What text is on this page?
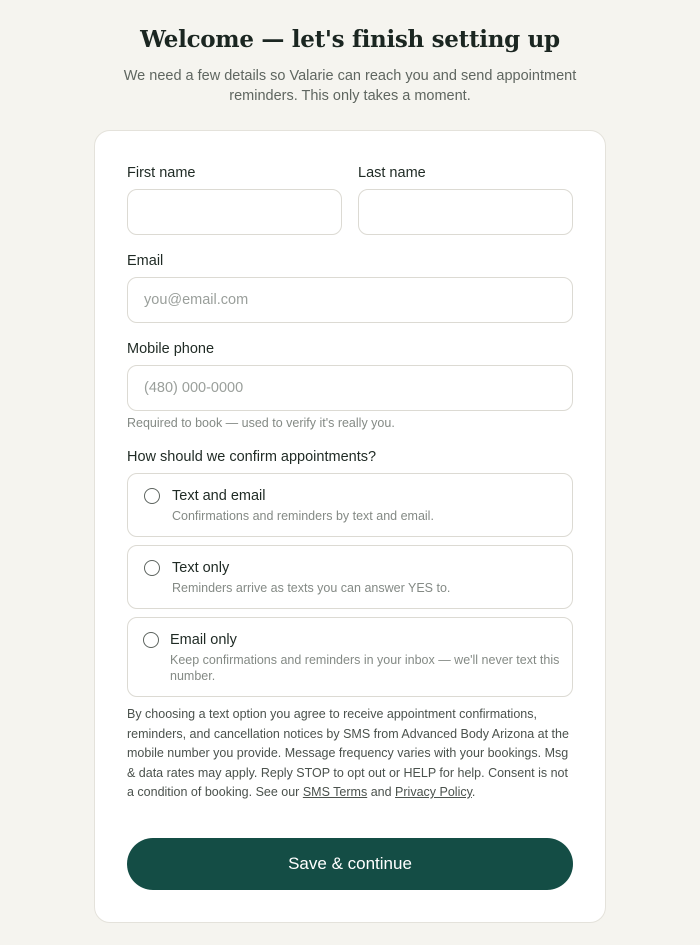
Welcome — let's finish setting up

We need a few details so Valarie can reach you and send appointment reminders. This only takes a moment.

First name	Last name
Email
you@email.com
Mobile phone
(480) 000-0000

Required to book — used to verify it's really you.

How should we confirm appointments?

Text and email
Confirmations and reminders by text and email.
Text only
Reminders arrive as texts you can answer YES to.
Email only
Keep confirmations and reminders in your inbox — we'll never text this number.

By choosing a text option you agree to receive appointment confirmations, reminders, and cancellation notices by SMS from Advanced Body Arizona at the mobile number you provide. Message frequency varies with your bookings. Msg & data rates may apply. Reply STOP to opt out or HELP for help. Consent is not a condition of booking. See our SMS Terms and Privacy Policy.

Save & continue
